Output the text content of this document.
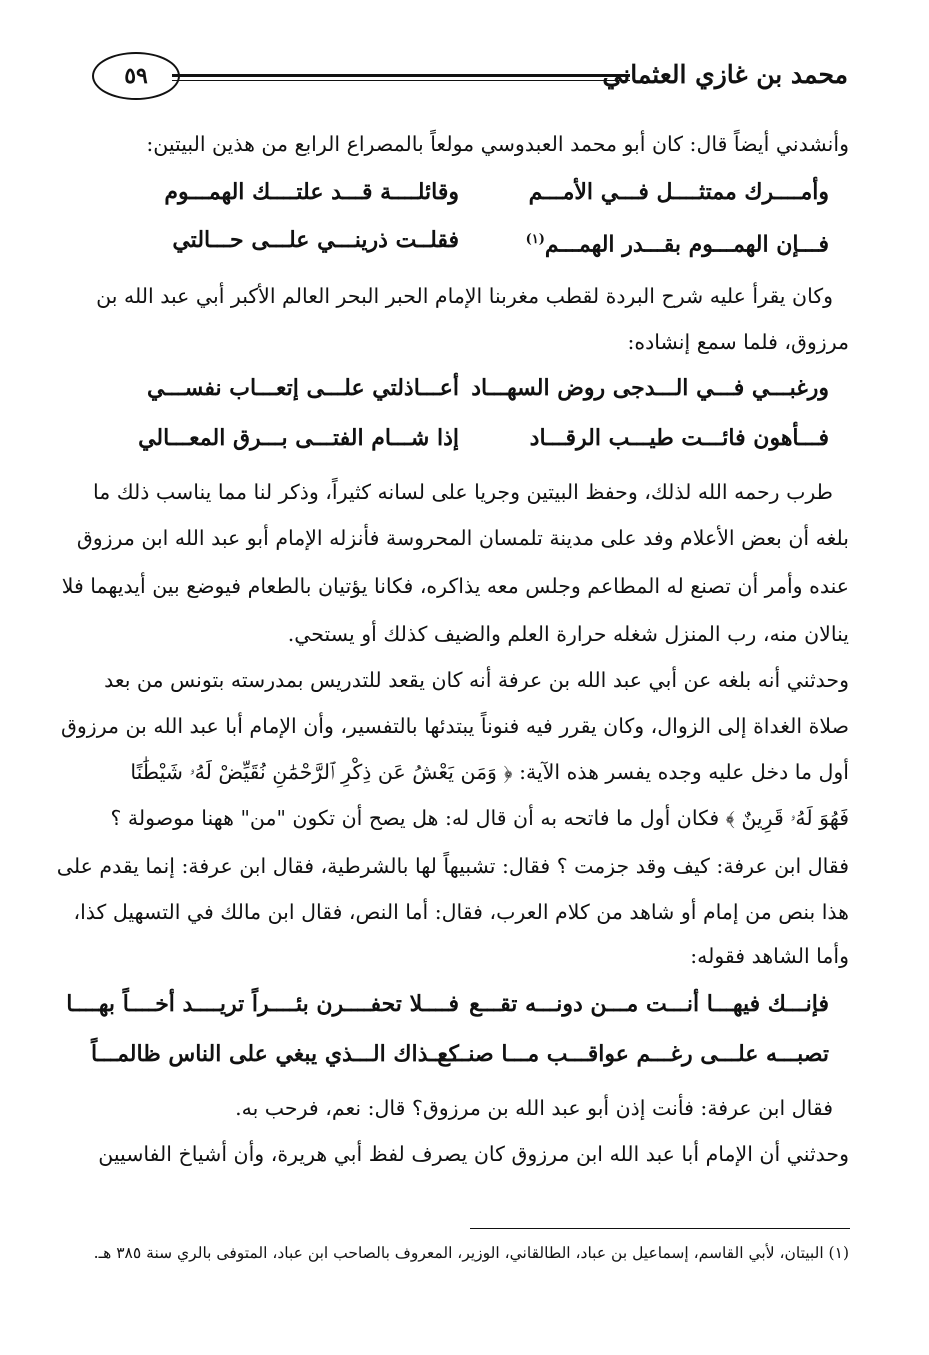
محمد بن غازي العثماني
٥٩
وأنشدني أيضاً قال: كان أبو محمد العبدوسي مولعاً بالمصراع الرابع من هذين البيتين:
وأمــــرك ممتثــــل فـــي الأمـــم
وقائلــــة قـــد علتــــك الهمـــوم
فـــإن الهمـــوم بقـــدر الهمـــم$^{(١)}$
فقلــت ذرينـــي علـــى حـــالتي
وكان يقرأ عليه شرح البردة لقطب مغربنا الإمام الحبر البحر العالم الأكبر أبي عبد الله بن
مرزوق، فلما سمع إنشاده:
ورغبـــي فـــي الـــدجى روض السهـــاد
أعـــاذلتي علـــى إتعـــاب نفســـي
فـــأهون فائـــت طيـــب الرقـــاد
إذا شـــام الفتـــى بـــرق المعـــالي
طرب رحمه الله لذلك، وحفظ البيتين وجريا على لسانه كثيراً، وذكر لنا مما يناسب ذلك ما
بلغه أن بعض الأعلام وفد على مدينة تلمسان المحروسة فأنزله الإمام أبو عبد الله ابن مرزوق
عنده وأمر أن تصنع له المطاعم وجلس معه يذاكره، فكانا يؤتيان بالطعام فيوضع بين أيديهما فلا
ينالان منه، رب المنزل شغله حرارة العلم والضيف كذلك أو يستحي.
وحدثني أنه بلغه عن أبي عبد الله بن عرفة أنه كان يقعد للتدريس بمدرسته بتونس من بعد
صلاة الغداة إلى الزوال، وكان يقرر فيه فنوناً يبتدئها بالتفسير، وأن الإمام أبا عبد الله بن مرزوق
أول ما دخل عليه وجده يفسر هذه الآية: ﴿ وَمَن يَعْشُ عَن ذِكْرِ ٱلرَّحْمَٰنِ نُقَيِّضْ لَهُۥ شَيْطَٰنًا
فَهُوَ لَهُۥ قَرِينٌ ﴾ فكان أول ما فاتحه به أن قال له: هل يصح أن تكون "من" ههنا موصولة ؟
فقال ابن عرفة: كيف وقد جزمت ؟ فقال: تشبيهاً لها بالشرطية، فقال ابن عرفة: إنما يقدم على
هذا بنص من إمام أو شاهد من كلام العرب، فقال: أما النص، فقال ابن مالك في التسهيل كذا،
وأما الشاهد فقوله:
فإنـــك فيهـــا أنـــت مـــن دونـــه تقـــع
فــــلا تحفــــرن بئــــراً تريــــد أخــــاً بهــــا
تصبـــه علـــى رغـــم عواقـــب مـــا صنـــع
كـــذاك الـــذي يبغي على الناس ظالمـــاً
فقال ابن عرفة: فأنت إذن أبو عبد الله بن مرزوق؟ قال: نعم، فرحب به.
وحدثني أن الإمام أبا عبد الله ابن مرزوق كان يصرف لفظ أبي هريرة، وأن أشياخ الفاسيين
(١) البيتان، لأبي القاسم، إسماعيل بن عباد، الطالقاني، الوزير، المعروف بالصاحب ابن عباد، المتوفى بالري سنة ٣٨٥ هـ.
